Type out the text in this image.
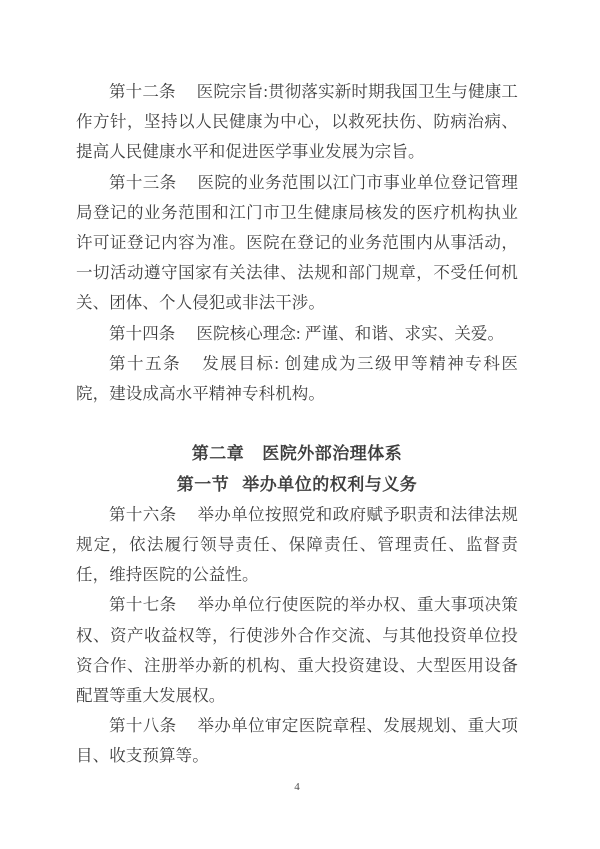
第十二条 医院宗旨:贯彻落实新时期我国卫生与健康工作方针，坚持以人民健康为中心，以救死扶伤、防病治病、提高人民健康水平和促进医学事业发展为宗旨。

第十三条 医院的业务范围以江门市事业单位登记管理局登记的业务范围和江门市卫生健康局核发的医疗机构执业许可证登记内容为准。医院在登记的业务范围内从事活动，一切活动遵守国家有关法律、法规和部门规章，不受任何机关、团体、个人侵犯或非法干涉。

第十四条 医院核心理念: 严谨、和谐、求实、关爱。

第十五条 发展目标: 创建成为三级甲等精神专科医院，建设成高水平精神专科机构。

第二章 医院外部治理体系
第一节 举办单位的权利与义务

第十六条 举办单位按照党和政府赋予职责和法律法规规定，依法履行领导责任、保障责任、管理责任、监督责任，维持医院的公益性。

第十七条 举办单位行使医院的举办权、重大事项决策权、资产收益权等，行使涉外合作交流、与其他投资单位投资合作、注册举办新的机构、重大投资建设、大型医用设备配置等重大发展权。

第十八条 举办单位审定医院章程、发展规划、重大项目、收支预算等。

4
